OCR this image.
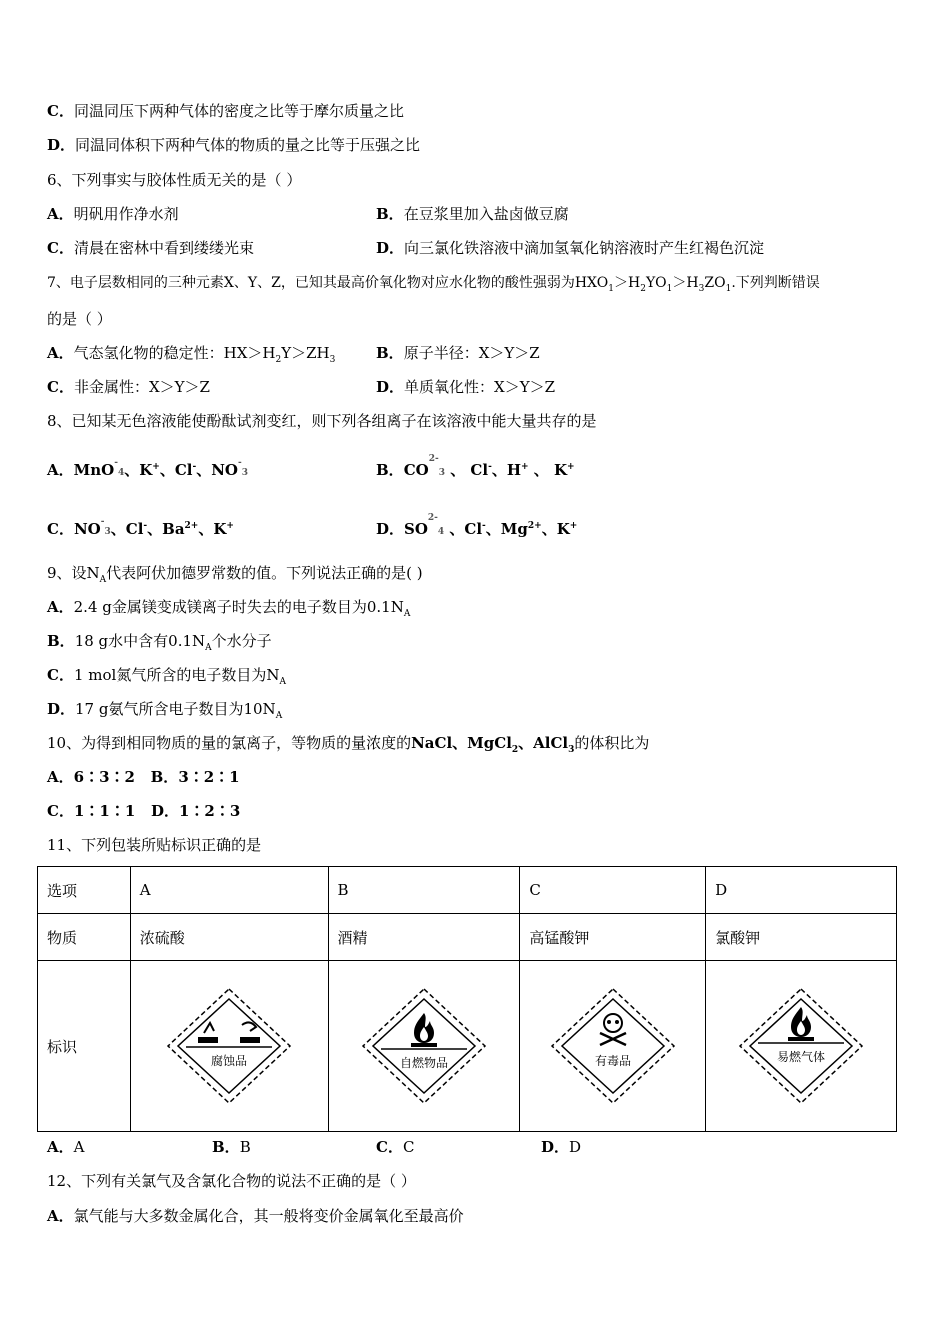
C．同温同压下两种气体的密度之比等于摩尔质量之比
D．同温同体积下两种气体的物质的量之比等于压强之比
6、下列事实与胶体性质无关的是（ ）
A．明矾用作净水剂	B．在豆浆里加入盐卤做豆腐
C．清晨在密林中看到缕缕光束	D．向三氯化铁溶液中滴加氢氧化钠溶液时产生红褐色沉淀
7、电子层数相同的三种元素X、Y、Z，已知其最高价氧化物对应水化物的酸性强弱为$HXO_1>H_2YO_1>H_3ZO_1$.下列判断错误
的是（ ）
A．气态氢化物的稳定性：$HX>H_2Y>ZH_3$	B．原子半径：X＞Y＞Z
C．非金属性：X＞Y＞Z	D．单质氧化性：X＞Y＞Z
8、已知某无色溶液能使酚酞试剂变红，则下列各组离子在该溶液中能大量共存的是
A．MnO-4、K+、Cl-、NO-3	B．$CO^{2-}3$ 、 Cl-、H+ 、 K+
C．NO-3、Cl-、$Ba^{2+}$、K+	D．$SO^{2-}4$ 、Cl-、$Mg^{2+}$、K+
9、设$N_A$代表阿伏加德罗常数的值。下列说法正确的是( )
A．2.4 g金属镁变成镁离子时失去的电子数目为$0.1N_A$
B．18 g水中含有$0.1N_A$个水分子
C．1 mol氮气所含的电子数目为$N_A$
D．17 g氨气所含电子数目为$10N_A$
10、为得到相同物质的量的氯离子，等物质的量浓度的NaCl、MgCl$_2$、AlCl$_3$的体积比为
A．6∶3∶2 B．3∶2∶1
C．1∶1∶1 D．1∶2∶3
11、下列包装所贴标识正确的是
选项	A	B	C	D
物质	浓硫酸	酒精	高锰酸钾	氯酸钾
标识	腐蚀品	自燃物品	有毒品	易燃气体
A．A	B．B	C．C	D．D
12、下列有关氯气及含氯化合物的说法不正确的是（ ）
A．氯气能与大多数金属化合，其一般将变价金属氧化至最高价
